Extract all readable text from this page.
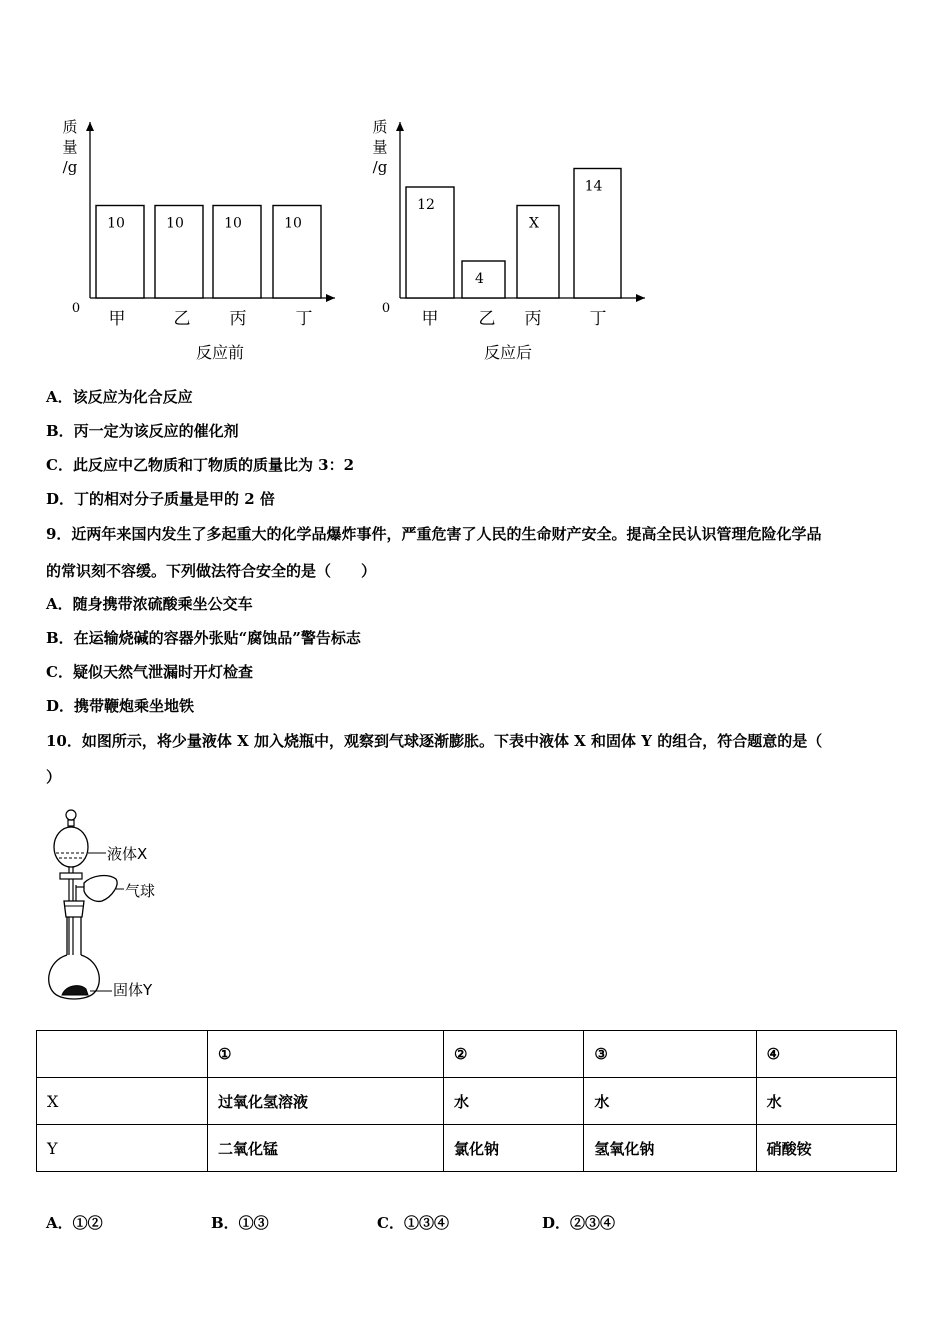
质
量
/g
0
10
甲
10
乙
10
丙
10
丁
反应前
质
量
/g
0
12
甲
4
乙
X
丙
14
丁
反应后
A．该反应为化合反应
B．丙一定为该反应的催化剂
C．此反应中乙物质和丁物质的质量比为 3：2
D．丁的相对分子质量是甲的 2 倍
9．近两年来国内发生了多起重大的化学品爆炸事件，严重危害了人民的生命财产安全。提高全民认识管理危险化学品
的常识刻不容缓。下列做法符合安全的是（　　）
A．随身携带浓硫酸乘坐公交车
B．在运输烧碱的容器外张贴“腐蚀品”警告标志
C．疑似天然气泄漏时开灯检查
D．携带鞭炮乘坐地铁
10．如图所示，将少量液体 X 加入烧瓶中，观察到气球逐渐膨胀。下表中液体 X 和固体 Y 的组合，符合题意的是（
）
液体X
气球
固体Y
	①	②	③	④
X	过氧化氢溶液	水	水	水
Y	二氧化锰	氯化钠	氢氧化钠	硝酸铵
A．①②	B．①③	C．①③④	D．②③④
